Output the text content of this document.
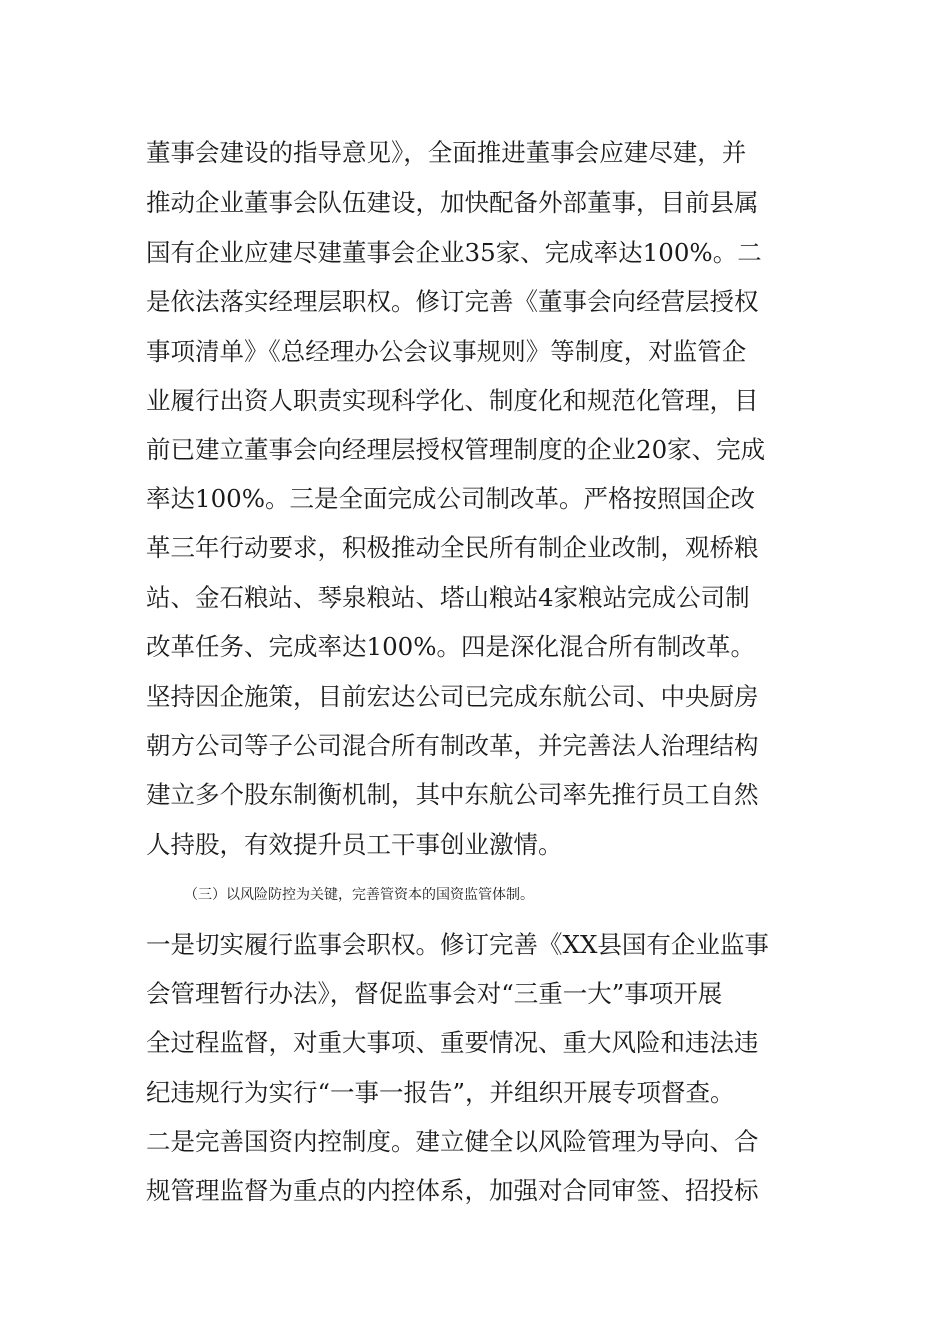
董事会建设的指导意见》，全面推进董事会应建尽建，并
推动企业董事会队伍建设，加快配备外部董事，目前县属
国有企业应建尽建董事会企业35家、完成率达100%。二
是依法落实经理层职权。修订完善《董事会向经营层授权
事项清单》《总经理办公会议事规则》等制度，对监管企
业履行出资人职责实现科学化、制度化和规范化管理，目
前已建立董事会向经理层授权管理制度的企业20家、完成
率达100%。三是全面完成公司制改革。严格按照国企改
革三年行动要求，积极推动全民所有制企业改制，观桥粮
站、金石粮站、琴泉粮站、塔山粮站4家粮站完成公司制
改革任务、完成率达100%。四是深化混合所有制改革。
坚持因企施策，目前宏达公司已完成东航公司、中央厨房
朝方公司等子公司混合所有制改革，并完善法人治理结构
建立多个股东制衡机制，其中东航公司率先推行员工自然
人持股，有效提升员工干事创业激情。
（三）以风险防控为关键，完善管资本的国资监管体制。
一是切实履行监事会职权。修订完善《XX县国有企业监事
会管理暂行办法》，督促监事会对“三重一大”事项开展
全过程监督，对重大事项、重要情况、重大风险和违法违
纪违规行为实行“一事一报告”，并组织开展专项督查。
二是完善国资内控制度。建立健全以风险管理为导向、合
规管理监督为重点的内控体系，加强对合同审签、招投标
